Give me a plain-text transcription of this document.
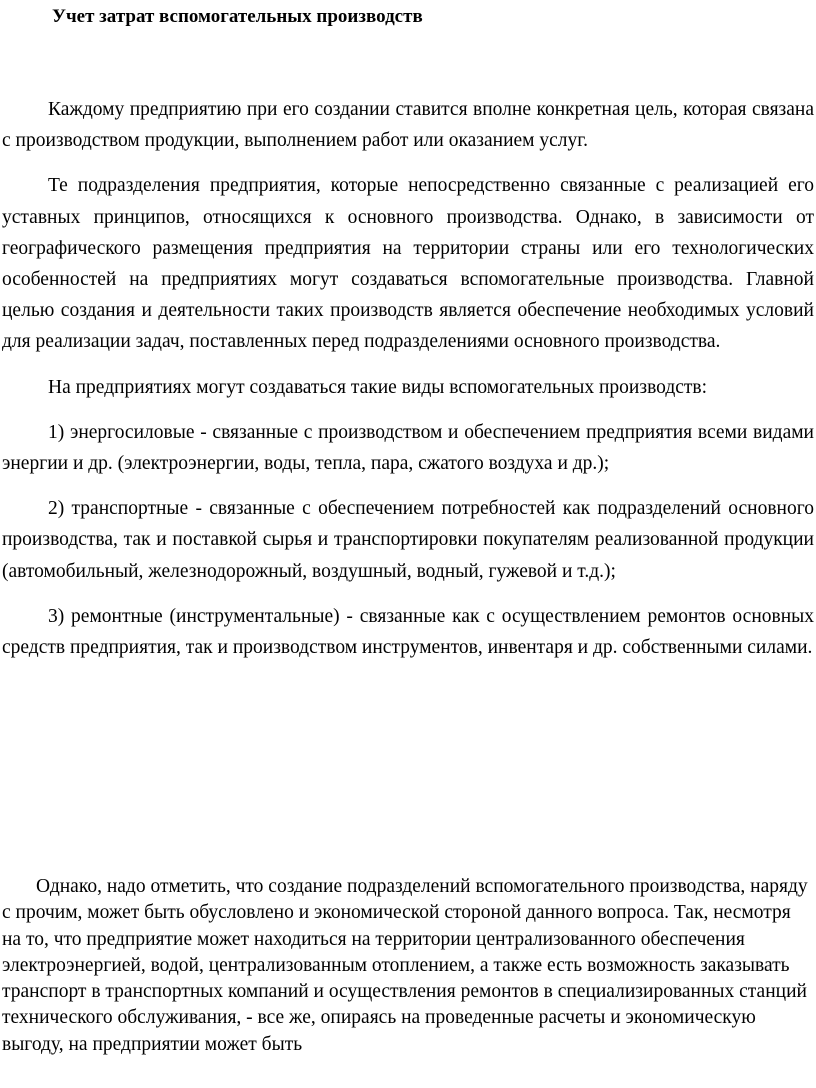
Учет затрат вспомогательных производств

Каждому предприятию при его создании ставится вполне конкретная цель, которая связана с производством продукции, выполнением работ или оказанием услуг.

Те подразделения предприятия, которые непосредственно связанные с реализацией его уставных принципов, относящихся к основного производства. Однако, в зависимости от географического размещения предприятия на территории страны или его технологических особенностей на предприятиях могут создаваться вспомогательные производства. Главной целью создания и деятельности таких производств является обеспечение необходимых условий для реализации задач, поставленных перед подразделениями основного производства.

На предприятиях могут создаваться такие виды вспомогательных производств:

1) энергосиловые - связанные с производством и обеспечением предприятия всеми видами энергии и др. (электроэнергии, воды, тепла, пара, сжатого воздуха и др.);

2) транспортные - связанные с обеспечением потребностей как подразделений основного производства, так и поставкой сырья и транспортировки покупателям реализованной продукции (автомобильный, железнодорожный, воздушный, водный, гужевой и т.д.);

3) ремонтные (инструментальные) - связанные как с осуществлением ремонтов основных средств предприятия, так и производством инструментов, инвентаря и др. собственными силами.

Однако, надо отметить, что создание подразделений вспомогательного производства, наряду с прочим, может быть обусловлено и экономической стороной данного вопроса. Так, несмотря на то, что предприятие может находиться на территории централизованного обеспечения электроэнергией, водой, централизованным отоплением, а также есть возможность заказывать транспорт в транспортных компаний и осуществления ремонтов в специализированных станций технического обслуживания, - все же, опираясь на проведенные расчеты и экономическую выгоду, на предприятии может быть
